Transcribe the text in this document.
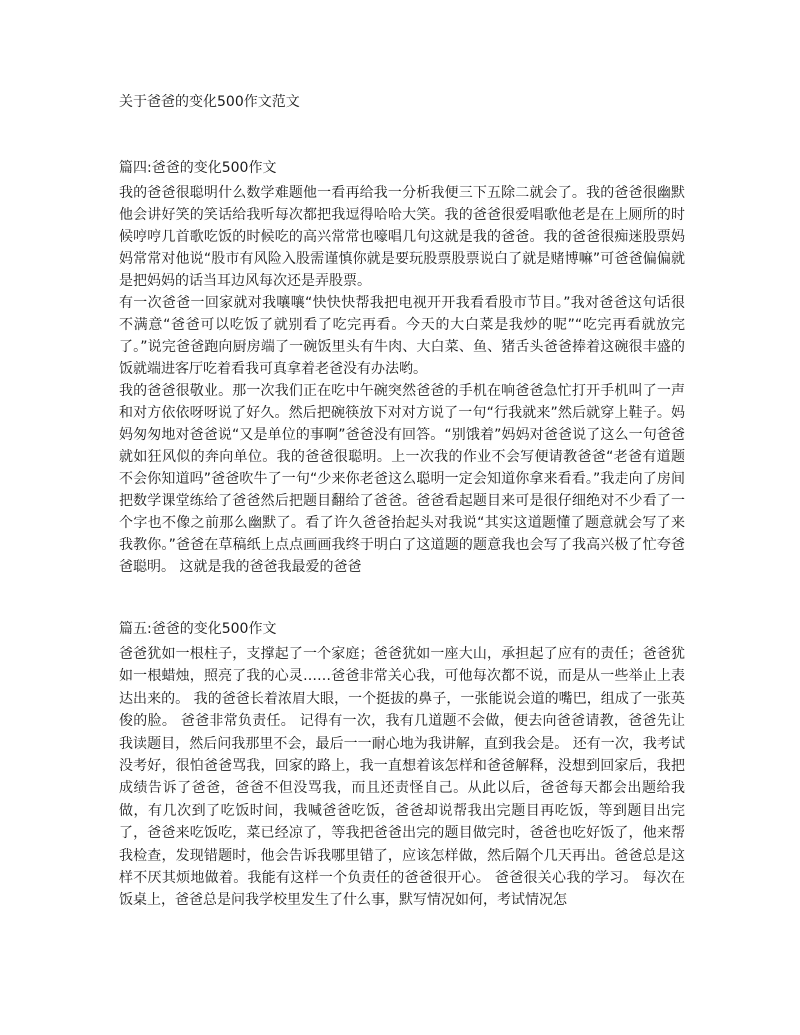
关于爸爸的变化500作文范文
篇四:爸爸的变化500作文

我的爸爸很聪明什么数学难题他一看再给我一分析我便三下五除二就会了。我的爸爸很幽默他会讲好笑的笑话给我听每次都把我逗得哈哈大笑。我的爸爸很爱唱歌他老是在上厕所的时候哼哼几首歌吃饭的时候吃的高兴常常也嚎唱几句这就是我的爸爸。我的爸爸很痴迷股票妈妈常常对他说“股市有风险入股需谨慎你就是要玩股票股票说白了就是赌博嘛”可爸爸偏偏就是把妈妈的话当耳边风每次还是弄股票。

有一次爸爸一回家就对我嚷嚷“快快快帮我把电视开开我看看股市节目。”我对爸爸这句话很不满意“爸爸可以吃饭了就别看了吃完再看。今天的大白菜是我炒的呢”“吃完再看就放完了。”说完爸爸跑向厨房端了一碗饭里头有牛肉、大白菜、鱼、猪舌头爸爸捧着这碗很丰盛的饭就端进客厅吃着看我可真拿着老爸没有办法哟。

我的爸爸很敬业。那一次我们正在吃中午碗突然爸爸的手机在响爸爸急忙打开手机叫了一声和对方依依呀呀说了好久。然后把碗筷放下对对方说了一句“行我就来”然后就穿上鞋子。妈妈匆匆地对爸爸说“又是单位的事啊”爸爸没有回答。“别饿着”妈妈对爸爸说了这么一句爸爸就如狂风似的奔向单位。我的爸爸很聪明。上一次我的作业不会写便请教爸爸“老爸有道题不会你知道吗”爸爸吹牛了一句“少来你老爸这么聪明一定会知道你拿来看看。”我走向了房间把数学课堂练给了爸爸然后把题目翻给了爸爸。爸爸看起题目来可是很仔细绝对不少看了一个字也不像之前那么幽默了。看了许久爸爸抬起头对我说“其实这道题懂了题意就会写了来我教你。”爸爸在草稿纸上点点画画我终于明白了这道题的题意我也会写了我高兴极了忙夸爸爸聪明。 这就是我的爸爸我最爱的爸爸

篇五:爸爸的变化500作文

爸爸犹如一根柱子，支撑起了一个家庭；爸爸犹如一座大山，承担起了应有的责任；爸爸犹如一根蜡烛，照亮了我的心灵……爸爸非常关心我，可他每次都不说，而是从一些举止上表达出来的。 我的爸爸长着浓眉大眼，一个挺拔的鼻子，一张能说会道的嘴巴，组成了一张英俊的脸。 爸爸非常负责任。 记得有一次，我有几道题不会做，便去向爸爸请教，爸爸先让我读题目，然后问我那里不会，最后一一耐心地为我讲解，直到我会是。 还有一次，我考试没考好，很怕爸爸骂我，回家的路上，我一直想着该怎样和爸爸解释，没想到回家后，我把成绩告诉了爸爸，爸爸不但没骂我，而且还责怪自己。从此以后，爸爸每天都会出题给我做，有几次到了吃饭时间，我喊爸爸吃饭，爸爸却说帮我出完题目再吃饭，等到题目出完了，爸爸来吃饭吃，菜已经凉了，等我把爸爸出完的题目做完时，爸爸也吃好饭了，他来帮我检查，发现错题时，他会告诉我哪里错了，应该怎样做，然后隔个几天再出。爸爸总是这样不厌其烦地做着。我能有这样一个负责任的爸爸很开心。 爸爸很关心我的学习。 每次在饭桌上，爸爸总是问我学校里发生了什么事，默写情况如何，考试情况怎
